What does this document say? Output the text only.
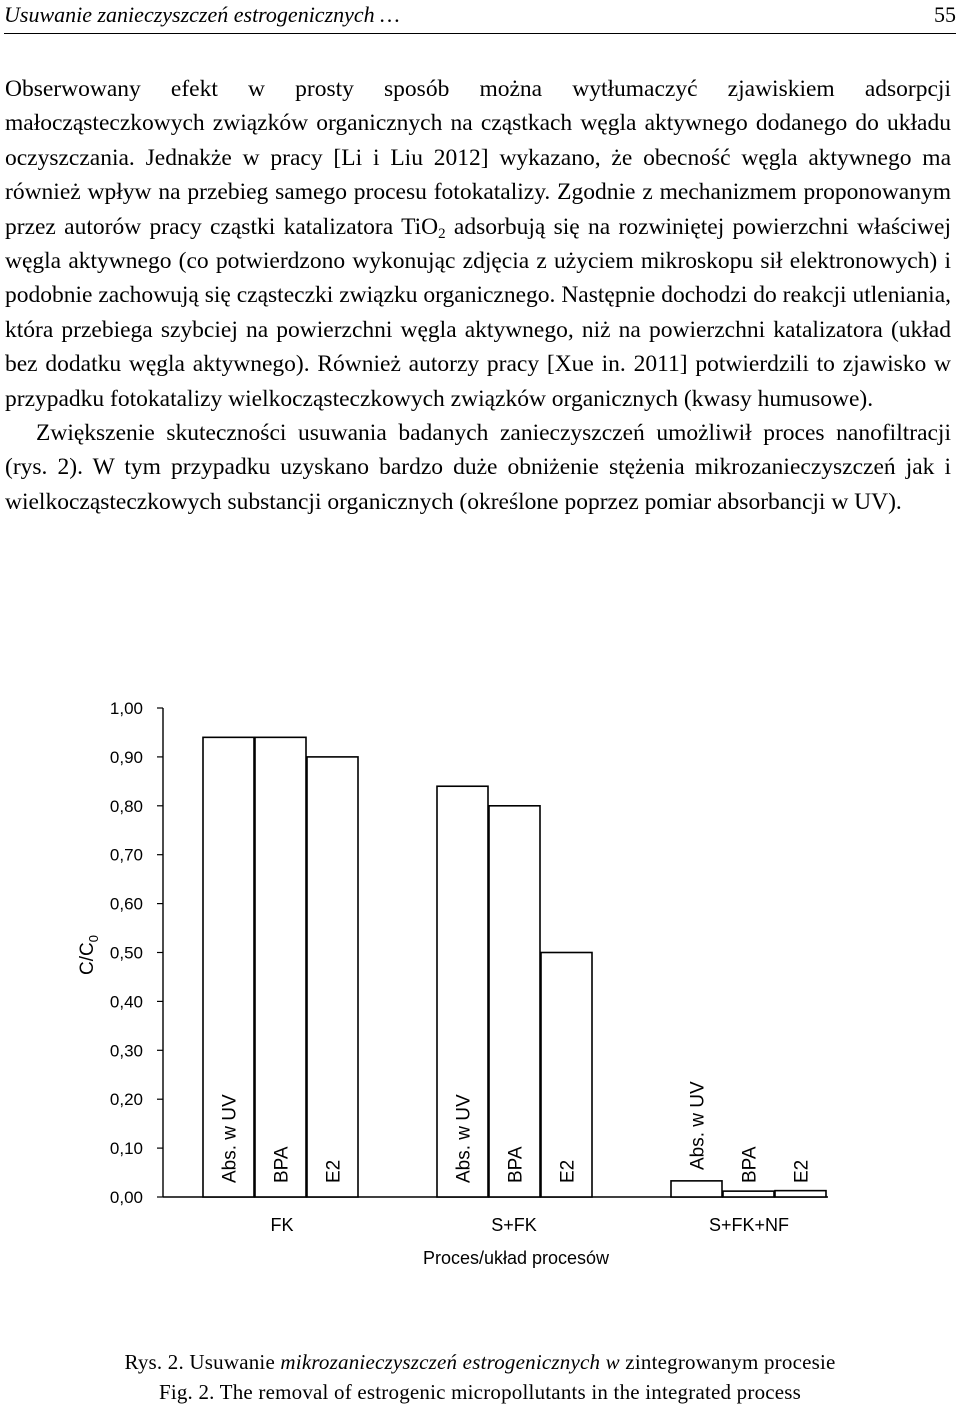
Usuwanie zanieczyszczeń estrogenicznych …	55

Obserwowany efekt w prosty sposób można wytłumaczyć zjawiskiem adsorpcji małocząsteczkowych związków organicznych na cząstkach węgla aktywnego dodanego do układu oczyszczania. Jednakże w pracy [Li i Liu 2012] wykazano, że obecność węgla aktywnego ma również wpływ na przebieg samego procesu fotokatalizy. Zgodnie z mechanizmem proponowanym przez autorów pracy cząstki katalizatora TiO$_2$ adsorbują się na rozwiniętej powierzchni właściwej węgla aktywnego (co potwierdzono wykonując zdjęcia z użyciem mikroskopu sił elektronowych) i podobnie zachowują się cząsteczki związku organicznego. Następnie dochodzi do reakcji utleniania, która przebiega szybciej na powierzchni węgla aktywnego, niż na powierzchni katalizatora (układ bez dodatku węgla aktywnego). Również autorzy pracy [Xue in. 2011] potwierdzili to zjawisko w przypadku fotokatalizy wielkocząsteczkowych związków organicznych (kwasy humusowe).

Zwiększenie skuteczności usuwania badanych zanieczyszczeń umożliwił proces nanofiltracji (rys. 2). W tym przypadku uzyskano bardzo duże obniżenie stężenia mikrozanieczyszczeń jak i wielkocząsteczkowych substancji organicznych (określone poprzez pomiar absorbancji w UV).

0,00
0,10
0,20
0,30
0,40
0,50
0,60
0,70
0,80
0,90
1,00
$C/C_0$
Abs. w UV BPA E2
FK
Abs. w UV BPA E2
S+FK
Abs. w UV BPA E2
S+FK+NF
Proces/układ procesów
Rys. 2. Usuwanie mikrozanieczyszczeń estrogenicznych w zintegrowanym procesie
Fig. 2. The removal of estrogenic micropollutants in the integrated process
